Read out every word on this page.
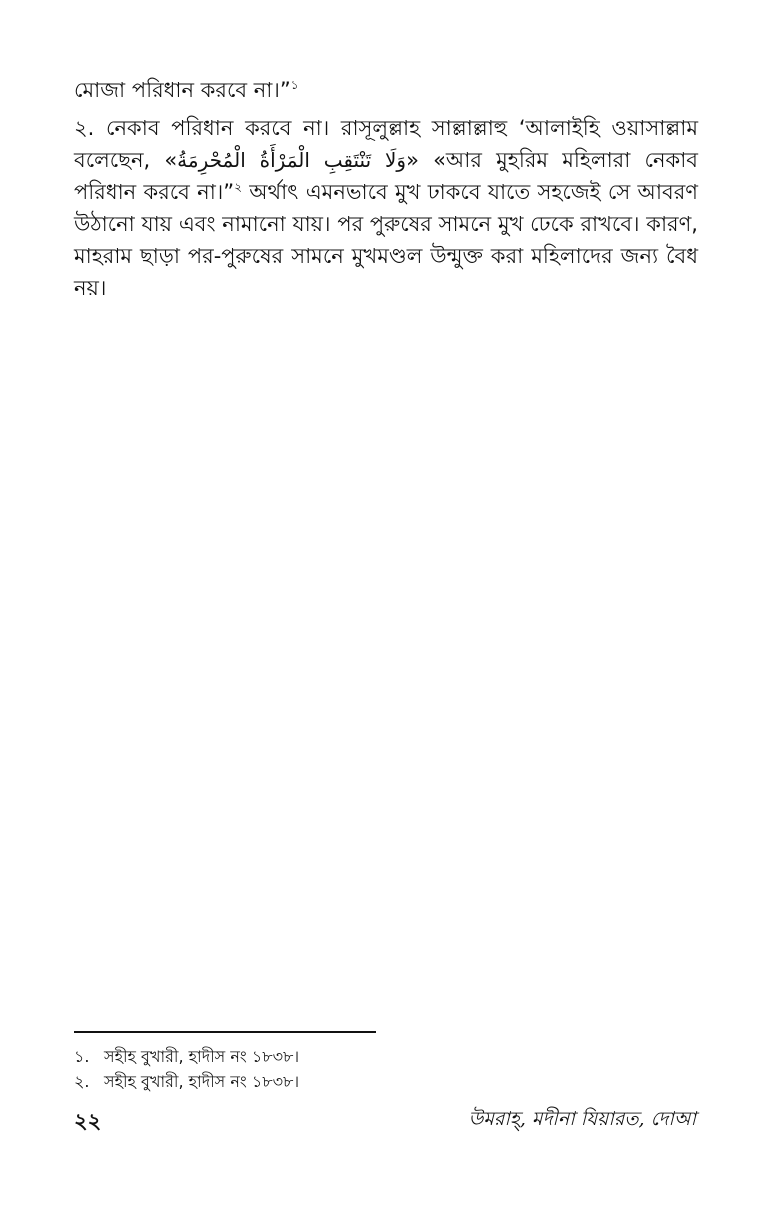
মোজা পরিধান করবে না।”$^১$

২. নেকাব পরিধান করবে না। রাসূলুল্লাহ সাল্লাল্লাহু ‘আলাইহি ওয়াসাল্লাম বলেছেন, «وَلَا تَنْتَقِبِ الْمَرْأَةُ الْمُحْرِمَةُ» «আর মুহরিম মহিলারা নেকাব পরিধান করবে না।”$^২$ অর্থাৎ এমনভাবে মুখ ঢাকবে যাতে সহজেই সে আবরণ উঠানো যায় এবং নামানো যায়। পর পুরুষের সামনে মুখ ঢেকে রাখবে। কারণ, মাহরাম ছাড়া পর-পুরুষের সামনে মুখমণ্ডল উন্মুক্ত করা মহিলাদের জন্য বৈধ নয়।

১. সহীহ বুখারী, হাদীস নং ১৮৩৮।
২. সহীহ বুখারী, হাদীস নং ১৮৩৮।
২২	উমরাহ্, মদীনা যিয়ারত, দোআ
